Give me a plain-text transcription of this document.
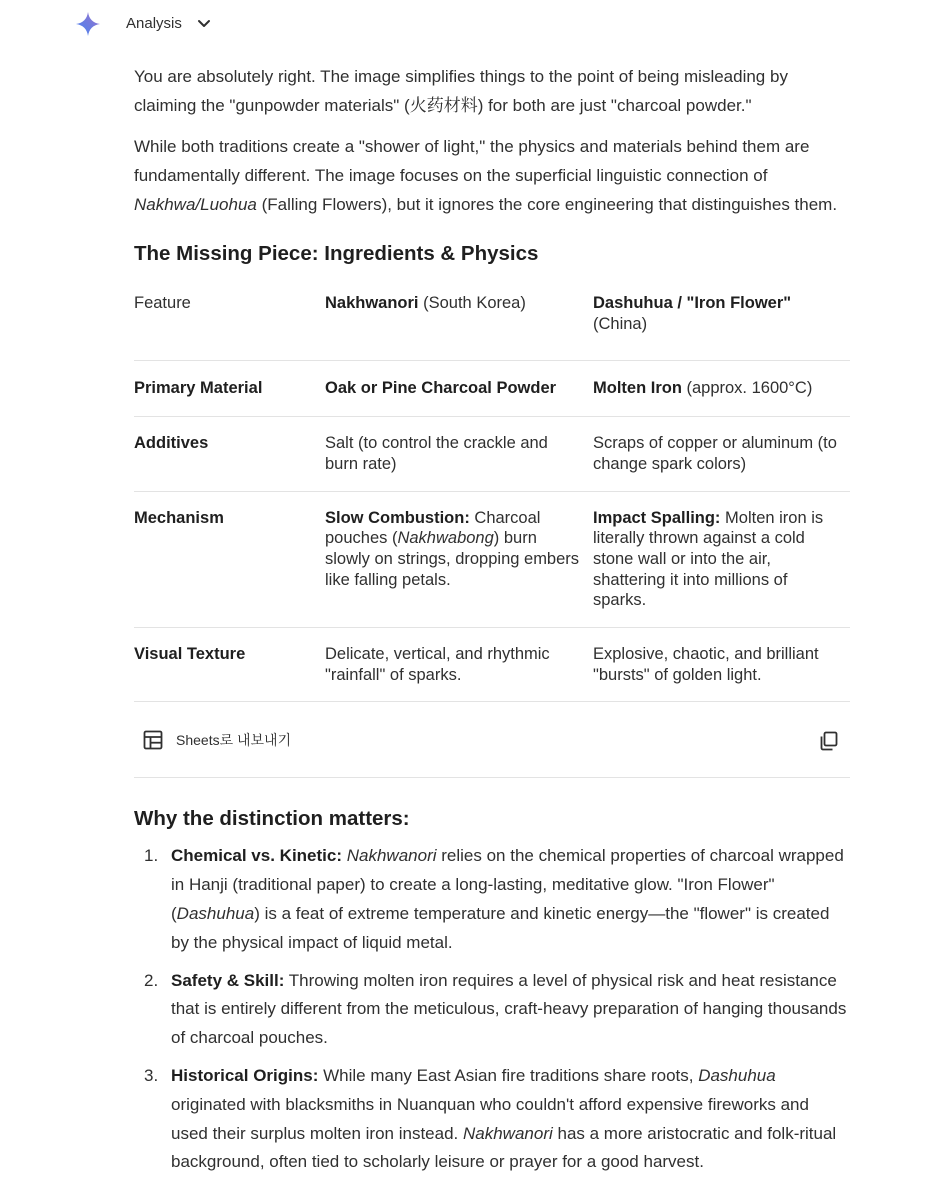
Analysis

You are absolutely right. The image simplifies things to the point of being misleading by claiming the "gunpowder materials" (火药材料) for both are just "charcoal powder."

While both traditions create a "shower of light," the physics and materials behind them are fundamentally different. The image focuses on the superficial linguistic connection of Nakhwa/Luohua (Falling Flowers), but it ignores the core engineering that distinguishes them.

The Missing Piece: Ingredients & Physics
Feature	Nakhwanori (South Korea)	Dashuhua / "Iron Flower" (China)

Primary Material	Oak or Pine Charcoal Powder	Molten Iron (approx. 1600°C)

Additives	Salt (to control the crackle and burn rate)	Scraps of copper or aluminum (to change spark colors)

Mechanism	Slow Combustion: Charcoal pouches (Nakhwabong) burn slowly on strings, dropping embers like falling petals.	Impact Spalling: Molten iron is literally thrown against a cold stone wall or into the air, shattering it into millions of sparks.

Visual Texture	Delicate, vertical, and rhythmic "rainfall" of sparks.	Explosive, chaotic, and brilliant "bursts" of golden light.
Sheets로 내보내기
Why the distinction matters:
1. Chemical vs. Kinetic: Nakhwanori relies on the chemical properties of charcoal wrapped in Hanji (traditional paper) to create a long-lasting, meditative glow. "Iron Flower" (Dashuhua) is a feat of extreme temperature and kinetic energy—the "flower" is created by the physical impact of liquid metal.
2. Safety & Skill: Throwing molten iron requires a level of physical risk and heat resistance that is entirely different from the meticulous, craft-heavy preparation of hanging thousands of charcoal pouches.
3. Historical Origins: While many East Asian fire traditions share roots, Dashuhua originated with blacksmiths in Nuanquan who couldn't afford expensive fireworks and used their surplus molten iron instead. Nakhwanori has a more aristocratic and folk-ritual background, often tied to scholarly leisure or prayer for a good harvest.
